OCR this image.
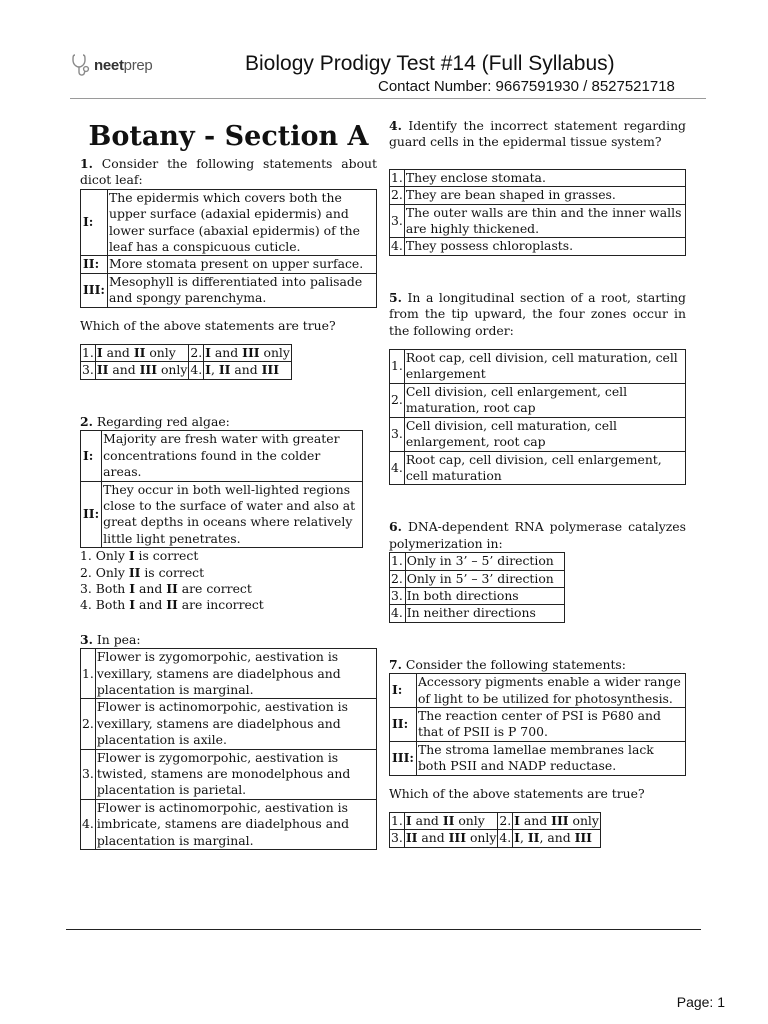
neetprep	Biology Prodigy Test #14 (Full Syllabus)
Contact Number: 9667591930 / 8527521718
Botany - Section A
1. Consider the following statements about dicot leaf:
I:	The epidermis which covers both the upper surface (adaxial epidermis) and lower surface (abaxial epidermis) of the leaf has a conspicuous cuticle.
II:	More stomata present on upper surface.
III:	Mesophyll is differentiated into palisade and spongy parenchyma.
Which of the above statements are true?
1.	I and II only	2.	I and III only
3.	II and III only	4.	I, II and III
2. Regarding red algae:
I:	Majority are fresh water with greater concentrations found in the colder areas.
II:	They occur in both well-lighted regions close to the surface of water and also at great depths in oceans where relatively little light penetrates.
1. Only I is correct
2. Only II is correct
3. Both I and II are correct
4. Both I and II are incorrect
3. In pea:
1.	Flower is zygomorpohic, aestivation is vexillary, stamens are diadelphous and placentation is marginal.
2.	Flower is actinomorpohic, aestivation is vexillary, stamens are diadelphous and placentation is axile.
3.	Flower is zygomorpohic, aestivation is twisted, stamens are monodelphous and placentation is parietal.
4.	Flower is actinomorpohic, aestivation is imbricate, stamens are diadelphous and placentation is marginal.
4. Identify the incorrect statement regarding guard cells in the epidermal tissue system?
1.	They enclose stomata.
2.	They are bean shaped in grasses.
3.	The outer walls are thin and the inner walls are highly thickened.
4.	They possess chloroplasts.
5. In a longitudinal section of a root, starting from the tip upward, the four zones occur in the following order:
1.	Root cap, cell division, cell maturation, cell enlargement
2.	Cell division, cell enlargement, cell maturation, root cap
3.	Cell division, cell maturation, cell enlargement, root cap
4.	Root cap, cell division, cell enlargement, cell maturation
6. DNA-dependent RNA polymerase catalyzes polymerization in:
1.	Only in 3’ – 5’ direction
2.	Only in 5’ – 3’ direction
3.	In both directions
4.	In neither directions
7. Consider the following statements:
I:	Accessory pigments enable a wider range of light to be utilized for photosynthesis.
II:	The reaction center of PSI is P680 and that of PSII is P 700.
III:	The stroma lamellae membranes lack both PSII and NADP reductase.
Which of the above statements are true?
1.	I and II only	2.	I and III only
3.	II and III only	4.	I, II, and III
Page: 1
